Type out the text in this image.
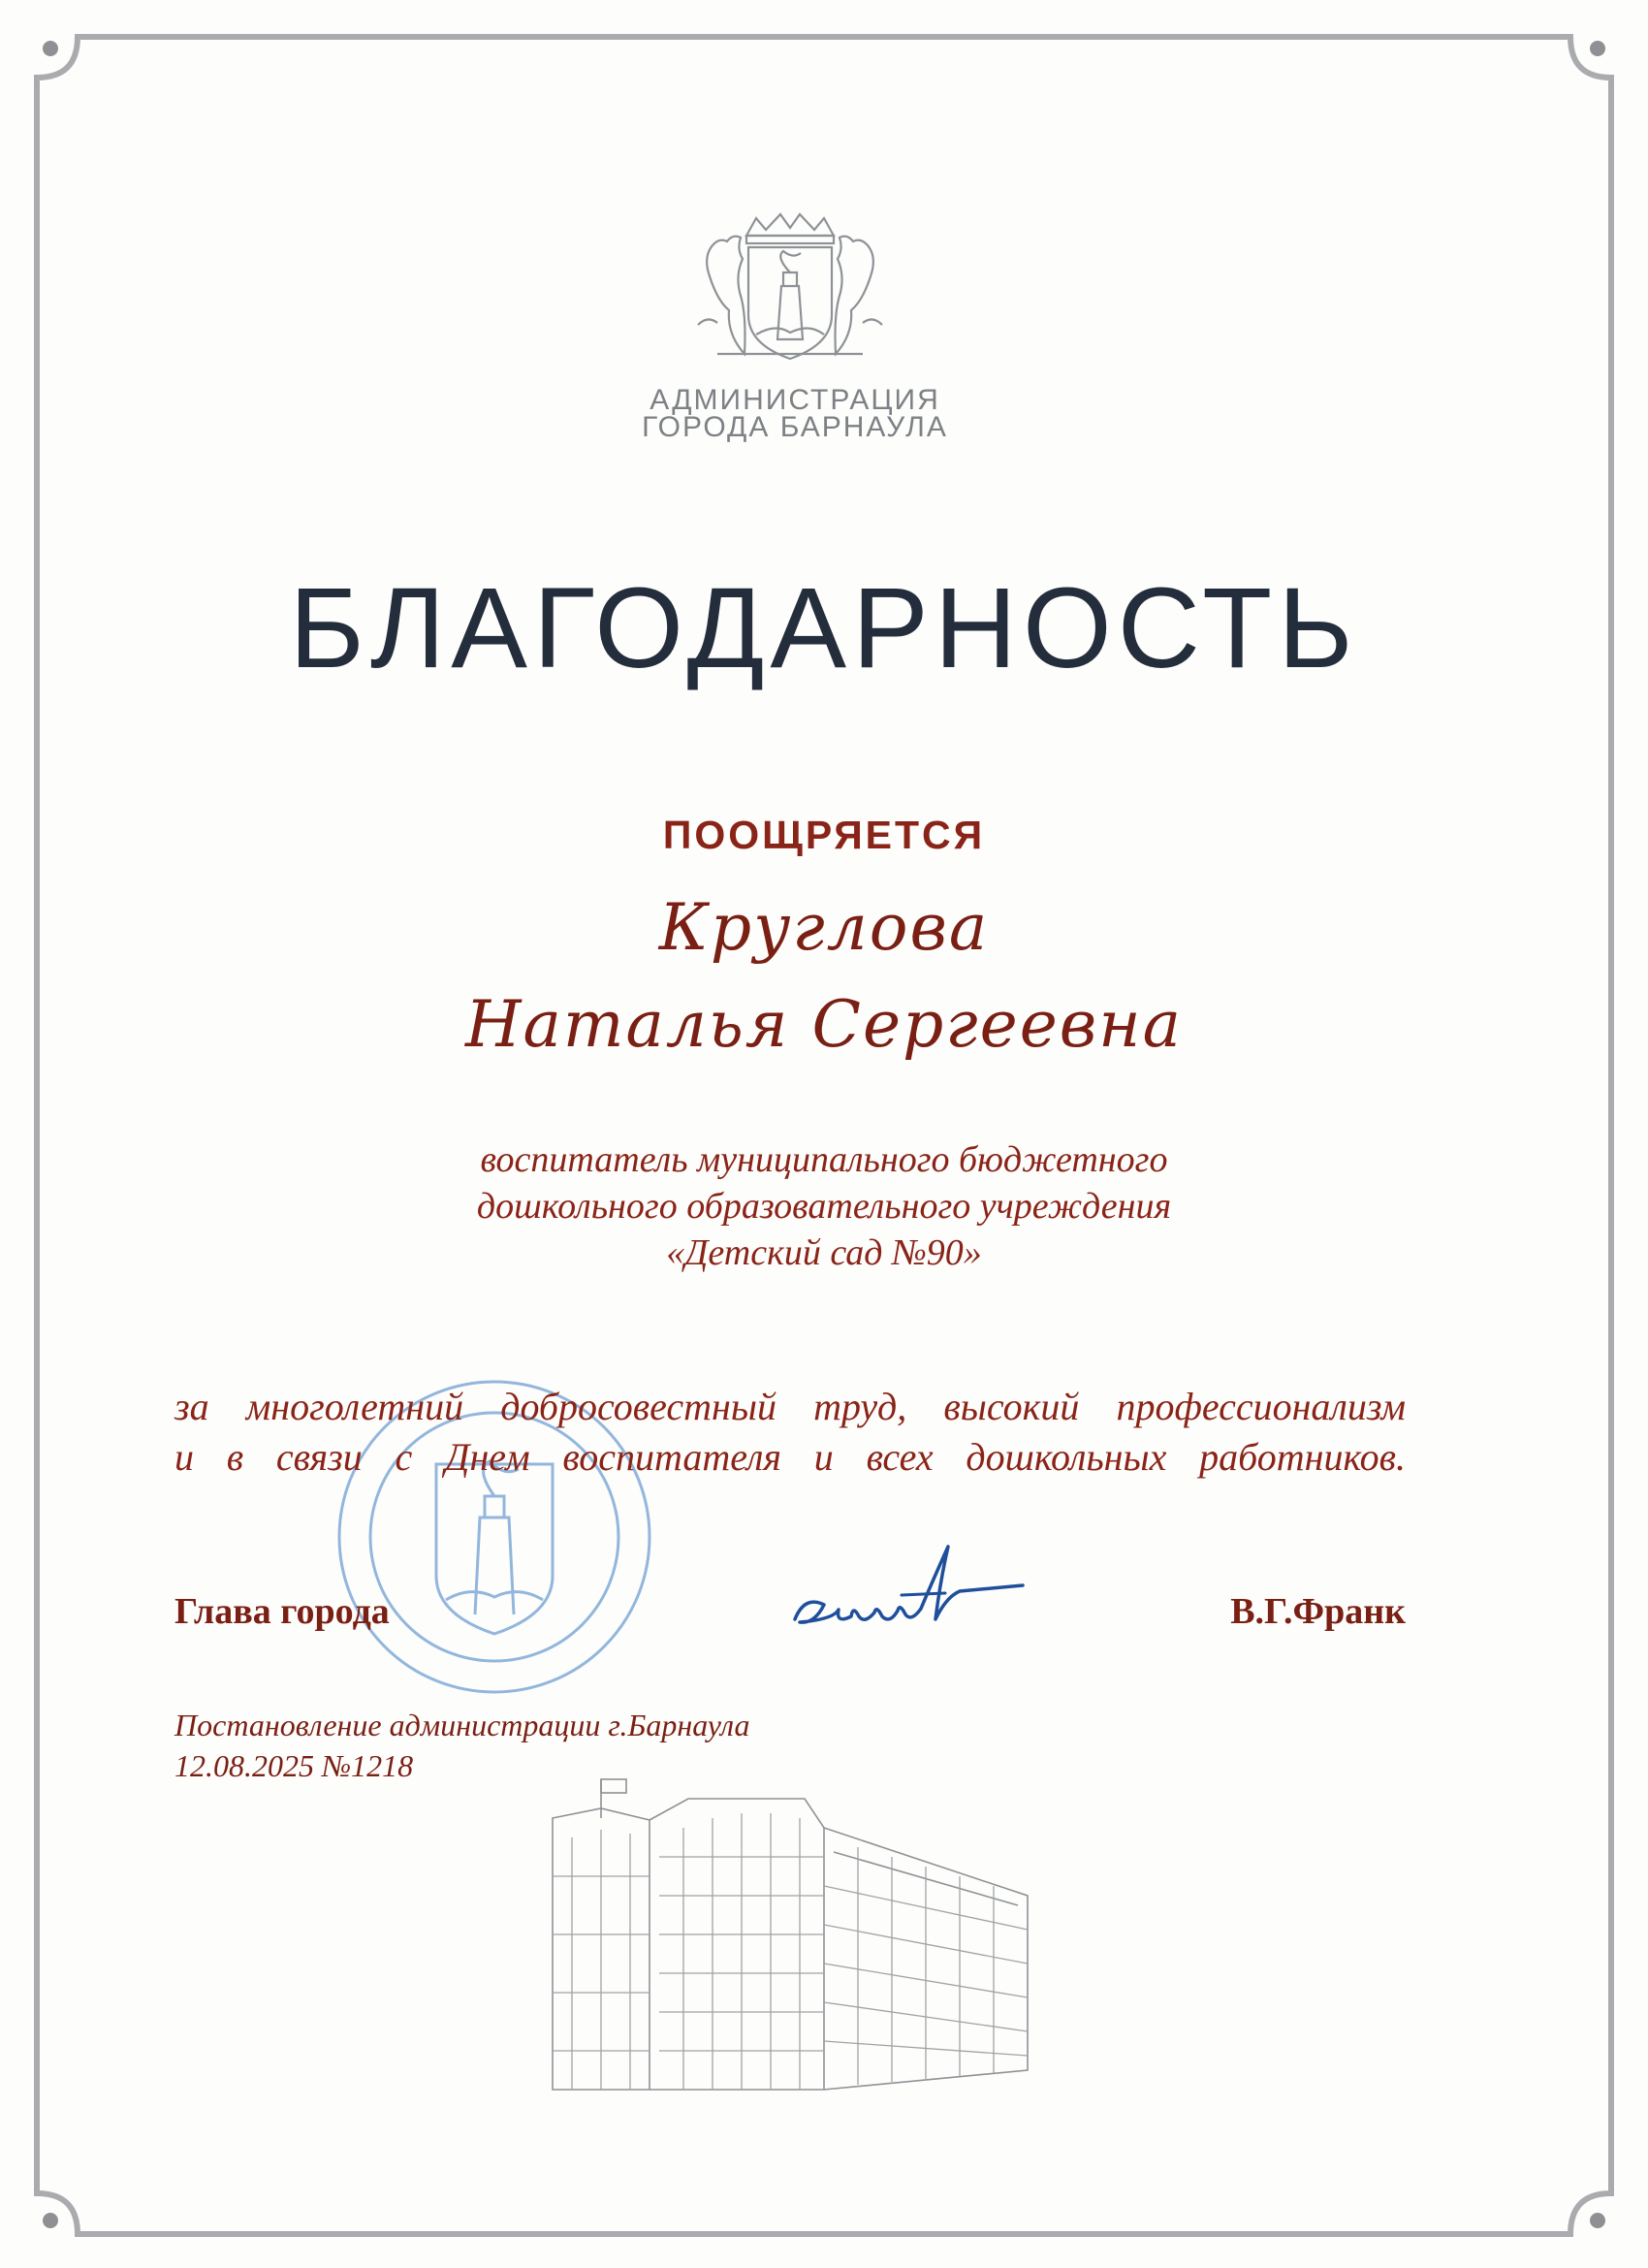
АДМИНИСТРАЦИЯ
ГОРОДА БАРНАУЛА
БЛАГОДАРНОСТЬ
ПООЩРЯЕТСЯ
Круглова
Наталья Сергеевна
воспитатель муниципального бюджетного
дошкольного образовательного учреждения
«Детский сад №90»
за многолетний добросовестный труд, высокий профессионализм
и в связи с Днем воспитателя и всех дошкольных работников.
Глава города	В.Г.Франк
Постановление администрации г.Барнаула
12.08.2025 №1218
